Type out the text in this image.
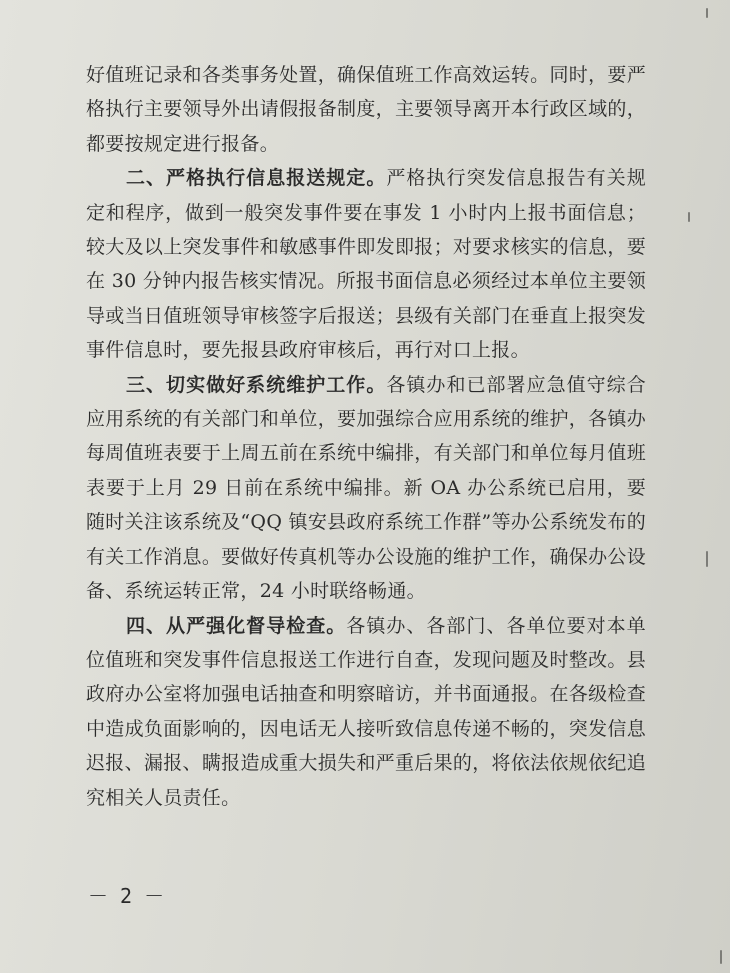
好值班记录和各类事务处置，确保值班工作高效运转。同时，要严格执行主要领导外出请假报备制度，主要领导离开本行政区域的，都要按规定进行报备。

二、严格执行信息报送规定。严格执行突发信息报告有关规定和程序，做到一般突发事件要在事发 1 小时内上报书面信息；较大及以上突发事件和敏感事件即发即报；对要求核实的信息，要在 30 分钟内报告核实情况。所报书面信息必须经过本单位主要领导或当日值班领导审核签字后报送；县级有关部门在垂直上报突发事件信息时，要先报县政府审核后，再行对口上报。

三、切实做好系统维护工作。各镇办和已部署应急值守综合应用系统的有关部门和单位，要加强综合应用系统的维护，各镇办每周值班表要于上周五前在系统中编排，有关部门和单位每月值班表要于上月 29 日前在系统中编排。新 OA 办公系统已启用，要随时关注该系统及“QQ 镇安县政府系统工作群”等办公系统发布的有关工作消息。要做好传真机等办公设施的维护工作，确保办公设备、系统运转正常，24 小时联络畅通。

四、从严强化督导检查。各镇办、各部门、各单位要对本单位值班和突发事件信息报送工作进行自查，发现问题及时整改。县政府办公室将加强电话抽查和明察暗访，并书面通报。在各级检查中造成负面影响的，因电话无人接听致信息传递不畅的，突发信息迟报、漏报、瞒报造成重大损失和严重后果的，将依法依规依纪追究相关人员责任。

－ 2 －
